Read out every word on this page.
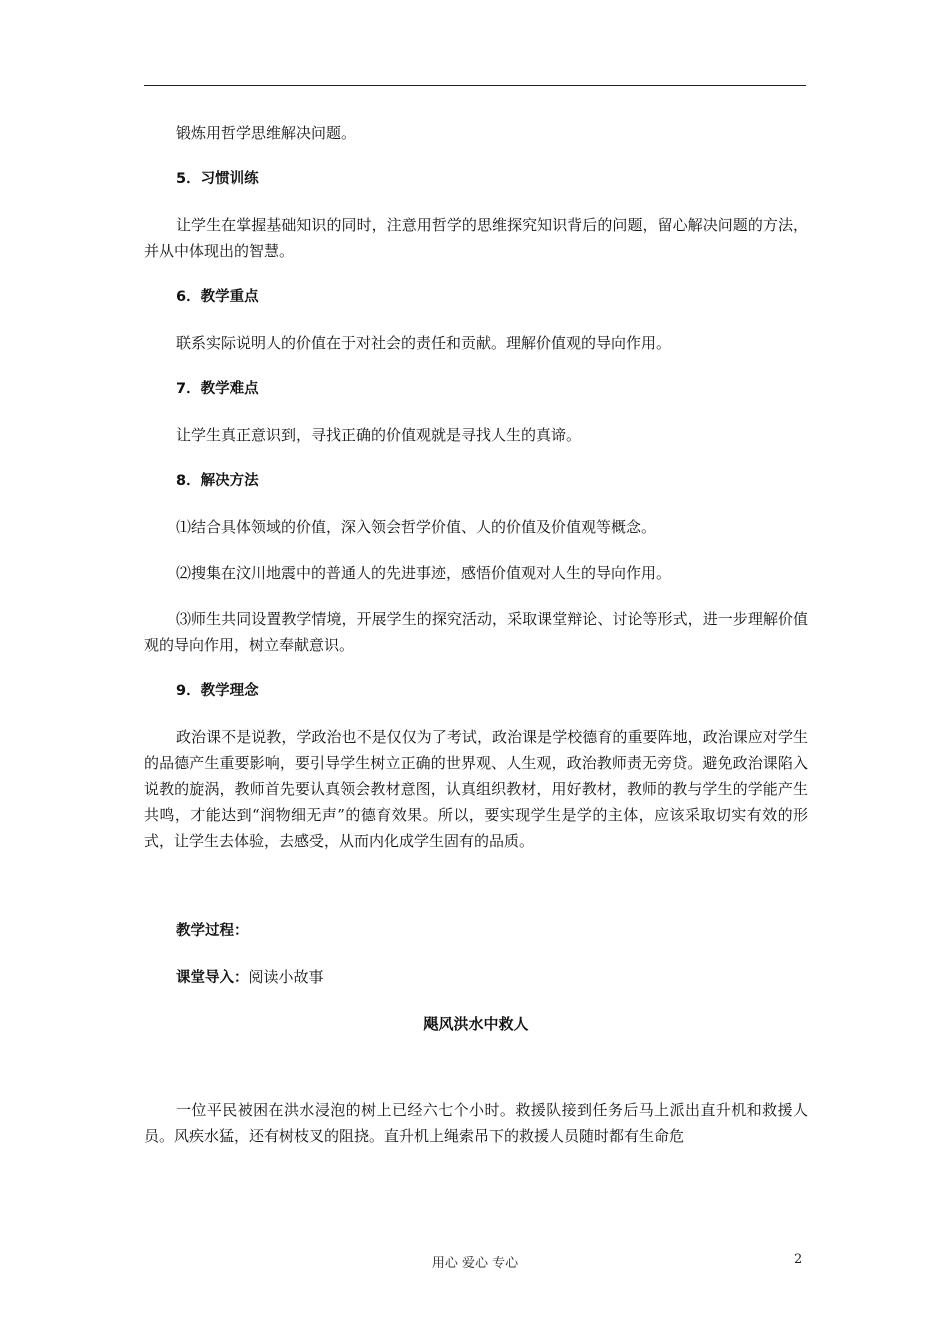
锻炼用哲学思维解决问题。

5．习惯训练

让学生在掌握基础知识的同时，注意用哲学的思维探究知识背后的问题，留心解决问题的方法，并从中体现出的智慧。

6．教学重点

联系实际说明人的价值在于对社会的责任和贡献。理解价值观的导向作用。

7．教学难点

让学生真正意识到，寻找正确的价值观就是寻找人生的真谛。

8．解决方法

⑴结合具体领域的价值，深入领会哲学价值、人的价值及价值观等概念。

⑵搜集在汶川地震中的普通人的先进事迹，感悟价值观对人生的导向作用。

⑶师生共同设置教学情境，开展学生的探究活动，采取课堂辩论、讨论等形式，进一步理解价值观的导向作用，树立奉献意识。

9．教学理念

政治课不是说教，学政治也不是仅仅为了考试，政治课是学校德育的重要阵地，政治课应对学生的品德产生重要影响，要引导学生树立正确的世界观、人生观，政治教师责无旁贷。避免政治课陷入说教的旋涡，教师首先要认真领会教材意图，认真组织教材，用好教材，教师的教与学生的学能产生共鸣，才能达到“润物细无声”的德育效果。所以，要实现学生是学的主体，应该采取切实有效的形式，让学生去体验，去感受，从而内化成学生固有的品质。

教学过程：

课堂导入：阅读小故事

飓风洪水中救人

一位平民被困在洪水浸泡的树上已经六七个小时。救援队接到任务后马上派出直升机和救援人员。风疾水猛，还有树枝叉的阻挠。直升机上绳索吊下的救援人员随时都有生命危

用心 爱心 专心	2
